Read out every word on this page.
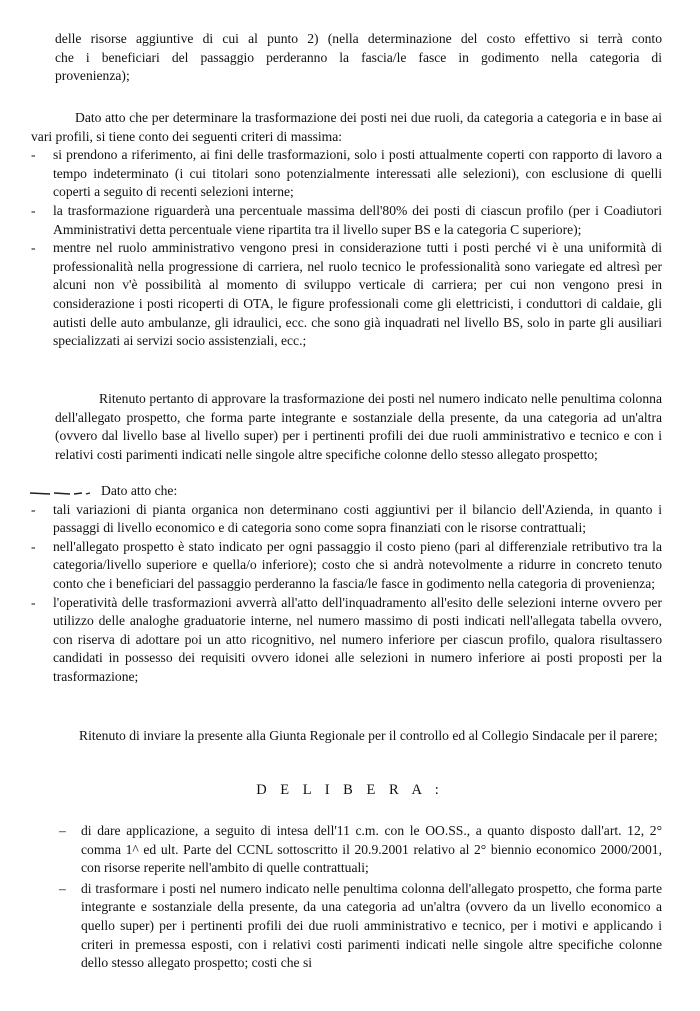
delle risorse aggiuntive di cui al punto 2) (nella determinazione del costo effettivo si terrà conto

che i beneficiari del passaggio perderanno la fascia/le fasce in godimento nella categoria di

provenienza);

Dato atto che per determinare la trasformazione dei posti nei due ruoli, da categoria a categoria e in base ai vari profili, si tiene conto dei seguenti criteri di massima:

- si prendono a riferimento, ai fini delle trasformazioni, solo i posti attualmente coperti con rapporto di lavoro a tempo indeterminato (i cui titolari sono potenzialmente interessati alle selezioni), con esclusione di quelli coperti a seguito di recenti selezioni interne;

- la trasformazione riguarderà una percentuale massima dell'80% dei posti di ciascun profilo (per i Coadiutori Amministrativi detta percentuale viene ripartita tra il livello super BS e la categoria C superiore);

- mentre nel ruolo amministrativo vengono presi in considerazione tutti i posti perché vi è una uniformità di professionalità nella progressione di carriera, nel ruolo tecnico le professionalità sono variegate ed altresì per alcuni non v'è possibilità al momento di sviluppo verticale di carriera; per cui non vengono presi in considerazione i posti ricoperti di OTA, le figure professionali come gli elettricisti, i conduttori di caldaie, gli autisti delle auto ambulanze, gli idraulici, ecc. che sono già inquadrati nel livello BS, solo in parte gli ausiliari specializzati ai servizi socio assistenziali, ecc.;

Ritenuto pertanto di approvare la trasformazione dei posti nel numero indicato nelle penultima colonna dell'allegato prospetto, che forma parte integrante e sostanziale della presente, da una categoria ad un'altra (ovvero dal livello base al livello super) per i pertinenti profili dei due ruoli amministrativo e tecnico e con i relativi costi parimenti indicati nelle singole altre specifiche colonne dello stesso allegato prospetto;

Dato atto che:

- tali variazioni di pianta organica non determinano costi aggiuntivi per il bilancio dell'Azienda, in quanto i passaggi di livello economico e di categoria sono come sopra finanziati con le risorse contrattuali;

- nell'allegato prospetto è stato indicato per ogni passaggio il costo pieno (pari al differenziale retributivo tra la categoria/livello superiore e quella/o inferiore); costo che si andrà notevolmente a ridurre in concreto tenuto conto che i beneficiari del passaggio perderanno la fascia/le fasce in godimento nella categoria di provenienza;

- l'operatività delle trasformazioni avverrà all'atto dell'inquadramento all'esito delle selezioni interne ovvero per utilizzo delle analoghe graduatorie interne, nel numero massimo di posti indicati nell'allegata tabella ovvero, con riserva di adottare poi un atto ricognitivo, nel numero inferiore per ciascun profilo, qualora risultassero candidati in possesso dei requisiti ovvero idonei alle selezioni in numero inferiore ai posti proposti per la trasformazione;

Ritenuto di inviare la presente alla Giunta Regionale per il controllo ed al Collegio Sindacale per il parere;

D E L I B E R A :
– di dare applicazione, a seguito di intesa dell'11 c.m. con le OO.SS., a quanto disposto dall'art. 12, 2° comma 1^ ed ult. Parte del CCNL sottoscritto il 20.9.2001 relativo al 2° biennio economico 2000/2001, con risorse reperite nell'ambito di quelle contrattuali;

– di trasformare i posti nel numero indicato nelle penultima colonna dell'allegato prospetto, che forma parte integrante e sostanziale della presente, da una categoria ad un'altra (ovvero da un livello economico a quello super) per i pertinenti profili dei due ruoli amministrativo e tecnico, per i motivi e applicando i criteri in premessa esposti, con i relativi costi parimenti indicati nelle singole altre specifiche colonne dello stesso allegato prospetto; costi che si
